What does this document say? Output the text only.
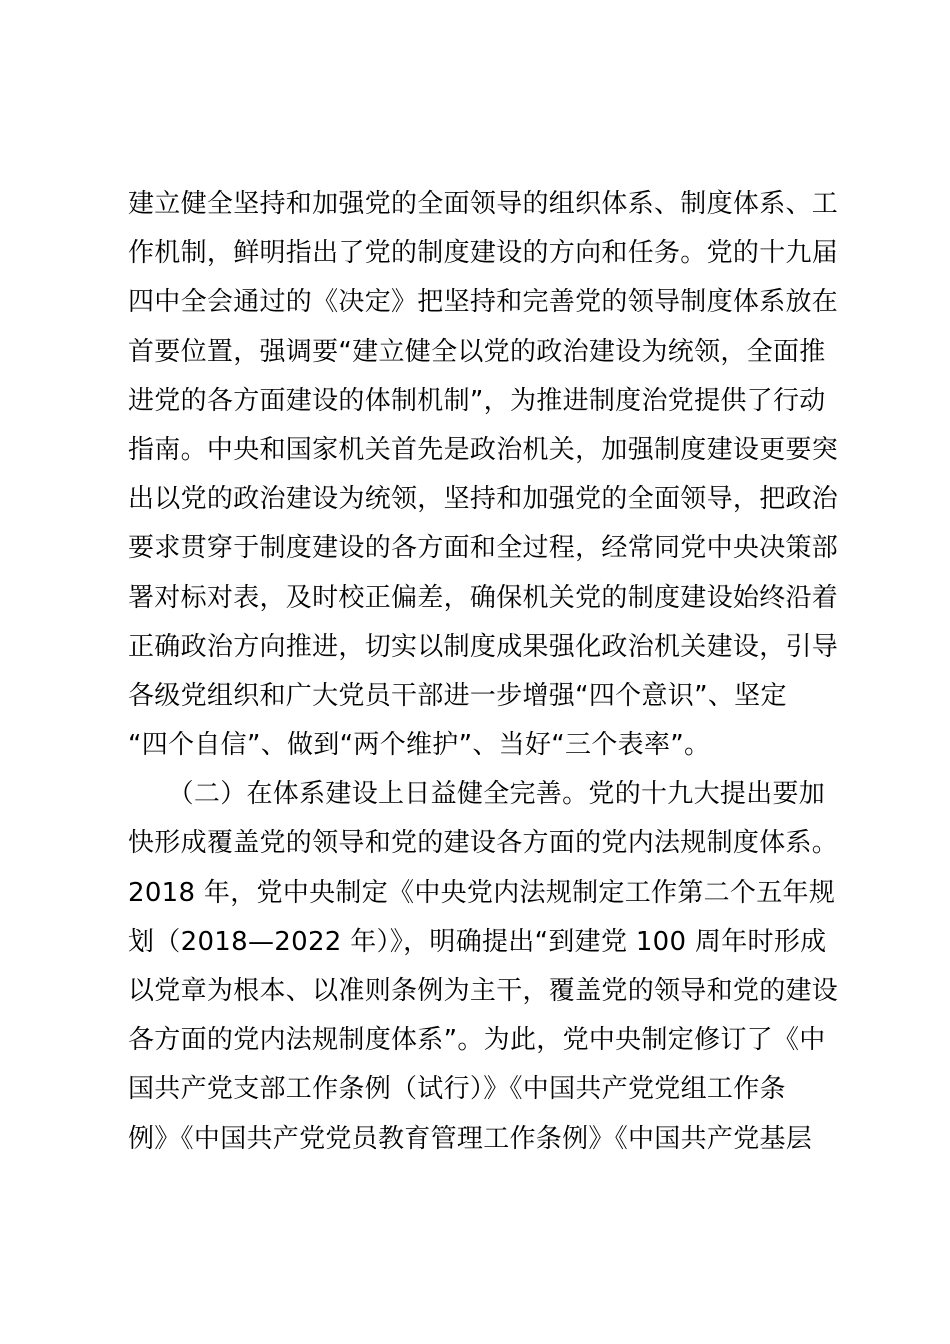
建立健全坚持和加强党的全面领导的组织体系、制度体系、工
作机制，鲜明指出了党的制度建设的方向和任务。党的十九届
四中全会通过的《决定》把坚持和完善党的领导制度体系放在
首要位置，强调要“建立健全以党的政治建设为统领，全面推
进党的各方面建设的体制机制”，为推进制度治党提供了行动
指南。中央和国家机关首先是政治机关，加强制度建设更要突
出以党的政治建设为统领，坚持和加强党的全面领导，把政治
要求贯穿于制度建设的各方面和全过程，经常同党中央决策部
署对标对表，及时校正偏差，确保机关党的制度建设始终沿着
正确政治方向推进，切实以制度成果强化政治机关建设，引导
各级党组织和广大党员干部进一步增强“四个意识”、坚定
“四个自信”、做到“两个维护”、当好“三个表率”。
　　（二）在体系建设上日益健全完善。党的十九大提出要加
快形成覆盖党的领导和党的建设各方面的党内法规制度体系。
2018 年，党中央制定《中央党内法规制定工作第二个五年规
划（2018—2022 年）》，明确提出“到建党 100 周年时形成
以党章为根本、以准则条例为主干，覆盖党的领导和党的建设
各方面的党内法规制度体系”。为此，党中央制定修订了《中
国共产党支部工作条例（试行）》《中国共产党党组工作条
例》《中国共产党党员教育管理工作条例》《中国共产党基层
